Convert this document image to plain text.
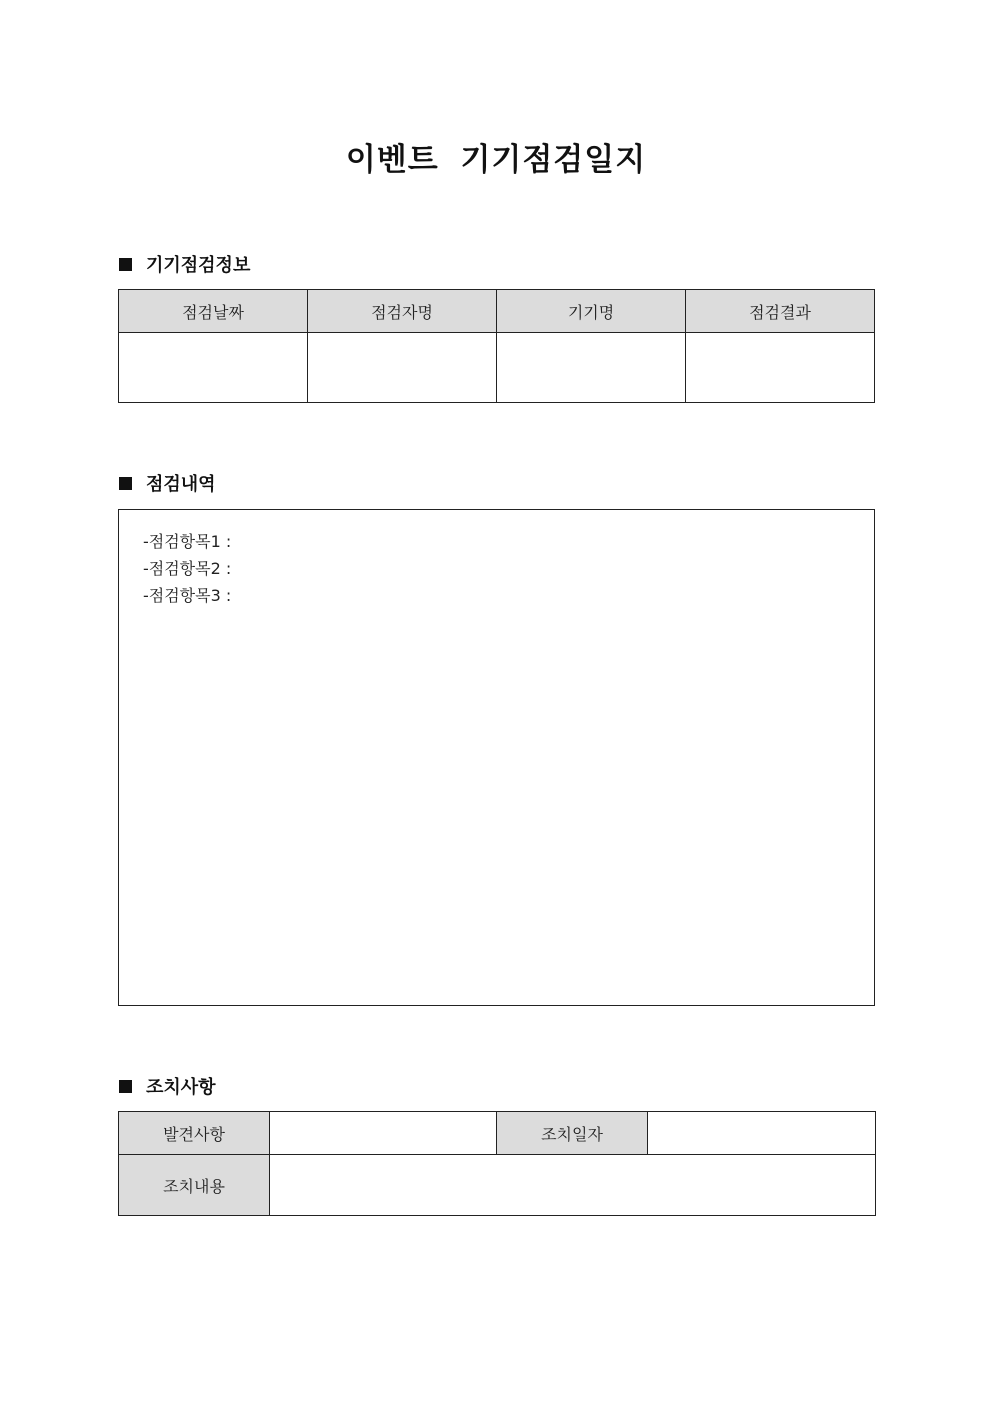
이벤트 기기점검일지
기기점검정보
점검날짜	점검자명	기기명	점검결과

점검내역
-점검항목1 :
-점검항목2 :
-점검항목3 :
조치사항
발견사항		조치일자	
조치내용			
